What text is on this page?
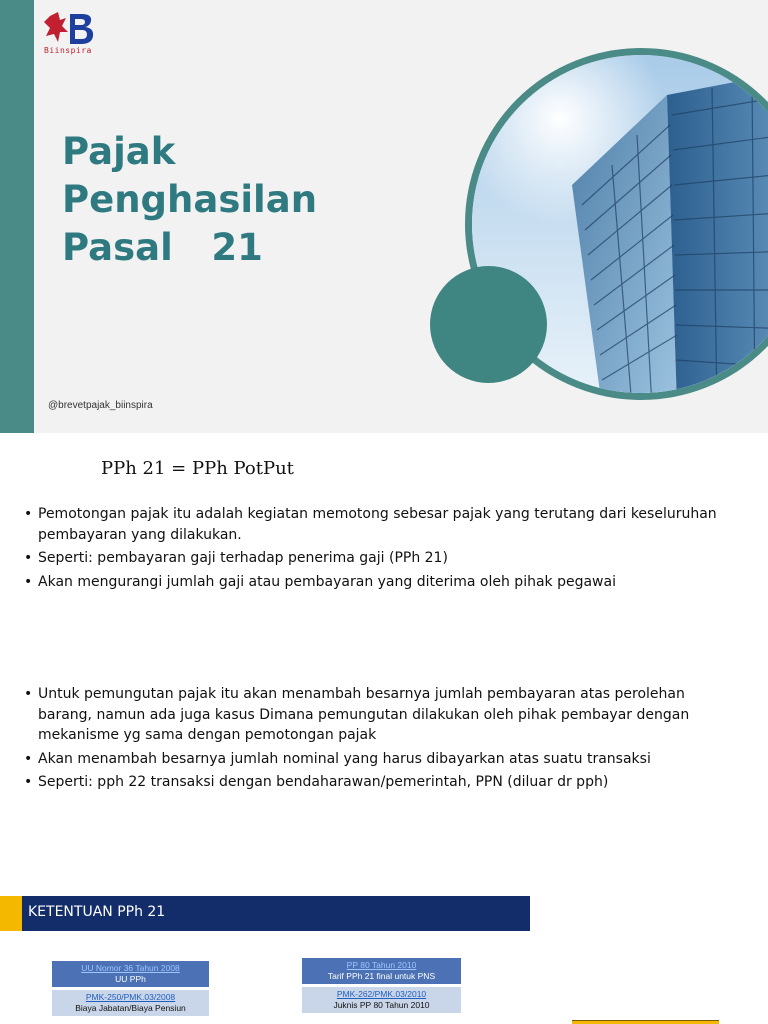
Biinspira
Pajak
Penghasilan
Pasal   21
@brevetpajak_biinspira
PPh 21 = PPh PotPut
• Pemotongan pajak itu adalah kegiatan memotong sebesar pajak yang terutang dari keseluruhan pembayaran yang dilakukan.
• Seperti: pembayaran gaji terhadap penerima gaji (PPh 21)
• Akan mengurangi jumlah gaji atau pembayaran yang diterima oleh pihak pegawai
• Untuk pemungutan pajak itu akan menambah besarnya jumlah pembayaran atas perolehan barang, namun ada juga kasus Dimana pemungutan dilakukan oleh pihak pembayar dengan mekanisme yg sama dengan pemotongan pajak
• Akan menambah besarnya jumlah nominal yang harus dibayarkan atas suatu transaksi
• Seperti: pph 22 transaksi dengan bendaharawan/pemerintah, PPN (diluar dr pph)
KETENTUAN PPh 21
UU Nomor 36 Tahun 2008
UU PPh
PMK-250/PMK.03/2008
Biaya Jabatan/Biaya Pensiun
PP 80 Tahun 2010
Tarif PPh 21 final untuk PNS
PMK-262/PMK.03/2010
Juknis PP 80 Tahun 2010
